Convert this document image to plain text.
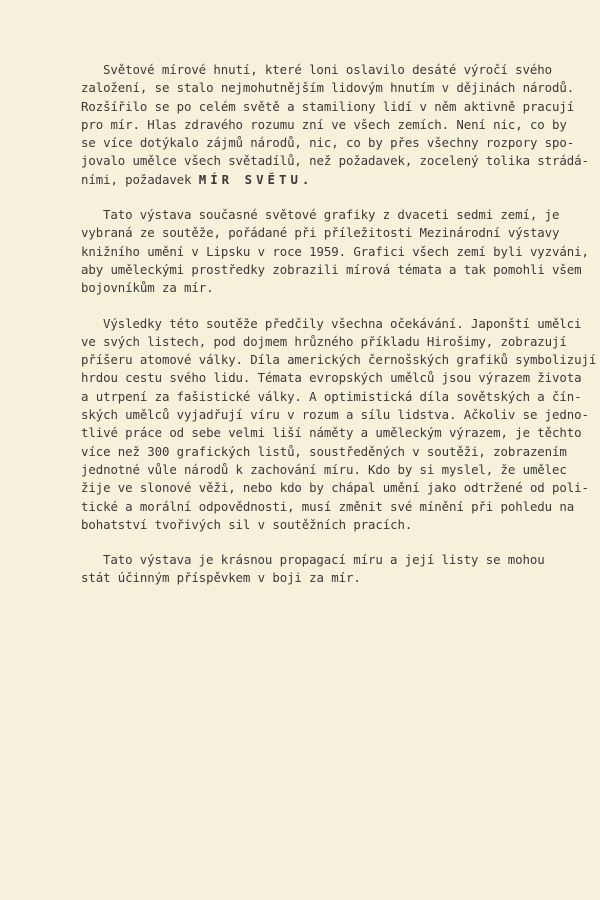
Světové mírové hnutí, které loni oslavilo desáté výročí svého
založení, se stalo nejmohutnějším lidovým hnutím v dějinách národů.
Rozšířilo se po celém světě a stamiliony lidí v něm aktivně pracují
pro mír. Hlas zdravého rozumu zní ve všech zemích. Není nic, co by
se více dotýkalo zájmů národů, nic, co by přes všechny rozpory spo-
jovalo umělce všech světadílů, než požadavek, zocelený tolika strádá-
ními, požadavek MÍR SVĚTU.

Tato výstava současné světové grafiky z dvaceti sedmi zemí, je
vybraná ze soutěže, pořádané při příležitosti Mezinárodní výstavy
knižního umění v Lipsku v roce 1959. Grafici všech zemí byli vyzváni,
aby uměleckými prostředky zobrazili mírová témata a tak pomohli všem
bojovníkům za mír.

Výsledky této soutěže předčily všechna očekávání. Japonští umělci
ve svých listech, pod dojmem hrůzného příkladu Hirošimy, zobrazují
příšeru atomové války. Díla amerických černošských grafiků symbolizují
hrdou cestu svého lidu. Témata evropských umělců jsou výrazem života
a utrpení za fašistické války. A optimistická díla sovětských a čín-
ských umělců vyjadřují víru v rozum a sílu lidstva. Ačkoliv se jedno-
tlivé práce od sebe velmi liší náměty a uměleckým výrazem, je těchto
více než 300 grafických listů, soustředěných v soutěži, zobrazením
jednotné vůle národů k zachování míru. Kdo by si myslel, že umělec
žije ve slonové věži, nebo kdo by chápal umění jako odtržené od poli-
tické a morální odpovědnosti, musí změnit své mínění při pohledu na
bohatství tvořivých sil v soutěžních pracích.

Tato výstava je krásnou propagací míru a její listy se mohou
stát účinným příspěvkem v boji za mír.
